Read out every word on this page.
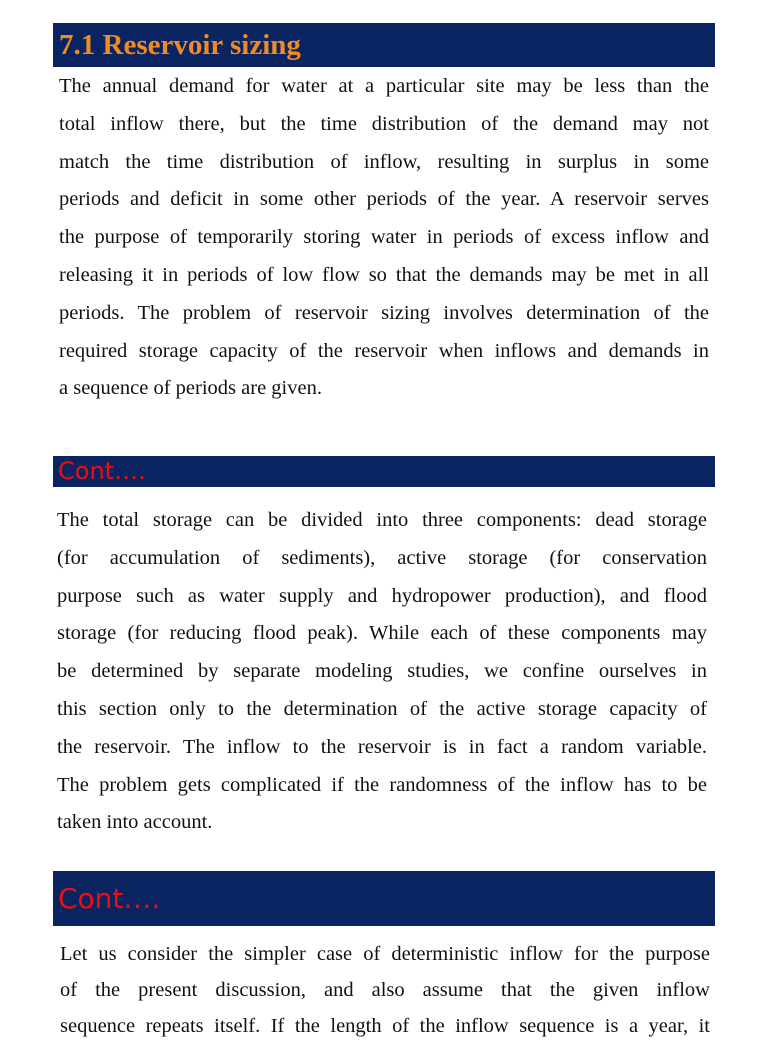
7.1 Reservoir sizing
The annual demand for water at a particular site may be less than the
total inflow there, but the time distribution of the demand may not
match the time distribution of inflow, resulting in surplus in some
periods and deficit in some other periods of the year. A reservoir serves
the purpose of temporarily storing water in periods of excess inflow and
releasing it in periods of low flow so that the demands may be met in all
periods. The problem of reservoir sizing involves determination of the
required storage capacity of the reservoir when inflows and demands in
a sequence of periods are given.
Cont….
The total storage can be divided into three components: dead storage
(for accumulation of sediments), active storage (for conservation
purpose such as water supply and hydropower production), and flood
storage (for reducing flood peak). While each of these components may
be determined by separate modeling studies, we confine ourselves in
this section only to the determination of the active storage capacity of
the reservoir. The inflow to the reservoir is in fact a random variable.
The problem gets complicated if the randomness of the inflow has to be
taken into account.
Cont….
Let us consider the simpler case of deterministic inflow for the purpose
of the present discussion, and also assume that the given inflow
sequence repeats itself. If the length of the inflow sequence is a year, it
